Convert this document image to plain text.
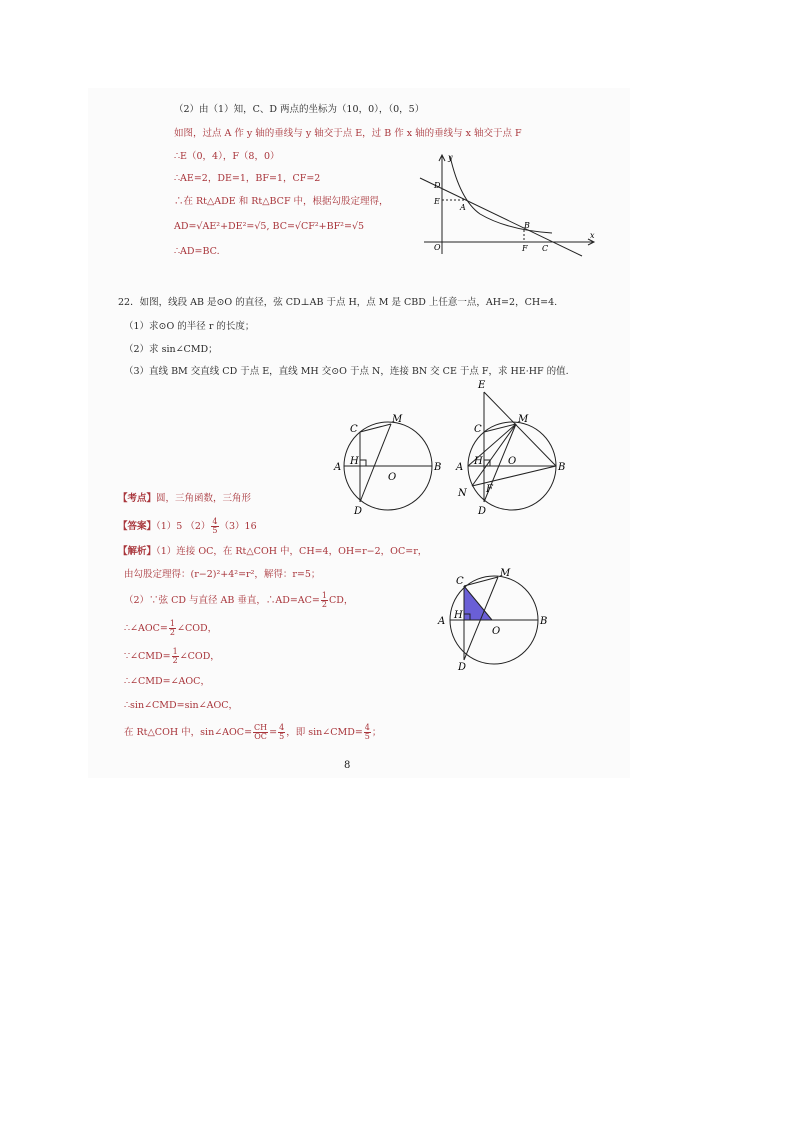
（2）由（1）知，C、D 两点的坐标为（10，0），（0，5）
如图，过点 A 作 y 轴的垂线与 y 轴交于点 E，过 B 作 x 轴的垂线与 x 轴交于点 F
∴E（0，4），F（8，0）
∴AE=2，DE=1，BF=1，CF=2
∴在 Rt△ADE 和 Rt△BCF 中，根据勾股定理得，
AD=√AE²+DE²=√5, BC=√CF²+BF²=√5
∴AD=BC.
y
x
O
D
E
A
B
F C
22．如图，线段 AB 是⊙O 的直径，弦 CD⊥AB 于点 H，点 M 是 CBD 上任意一点，AH=2，CH=4.
（1）求⊙O 的半径 r 的长度；
（2）求 sin∠CMD；
（3）直线 BM 交直线 CD 于点 E，直线 MH 交⊙O 于点 N，连接 BN 交 CE 于点 F，求 HE·HF 的值.
M
C
A
H
O
B
D
E
M
C
A
H	O
B
N F
D
【考点】圆，三角函数，三角形
【答案】（1）5 $(2) \frac{4}{5} (3)16$
【解析】（1）连接 OC，在 Rt△COH 中，CH=4，OH=r−2，OC=r，
由勾股定理得：(r−2)²+4²=r²，解得：r=5；
（2）∵弦 CD 与直径 AB 垂直，∴AD=AC= $\frac{1}{2}$ CD，
∴∠AOC= $\frac{1}{2}$ ∠COD，
∵∠CMD= $\frac{1}{2}$ ∠COD，
∴∠CMD=∠AOC，
∴sin∠CMD=sin∠AOC，
在 Rt△COH 中，sin∠AOC= $\frac{CH}{OC} = \frac{4}{5}$ ，即 sin∠CMD= $\frac{4}{5}$ ；
C
M
A
H
O
B
D
8
